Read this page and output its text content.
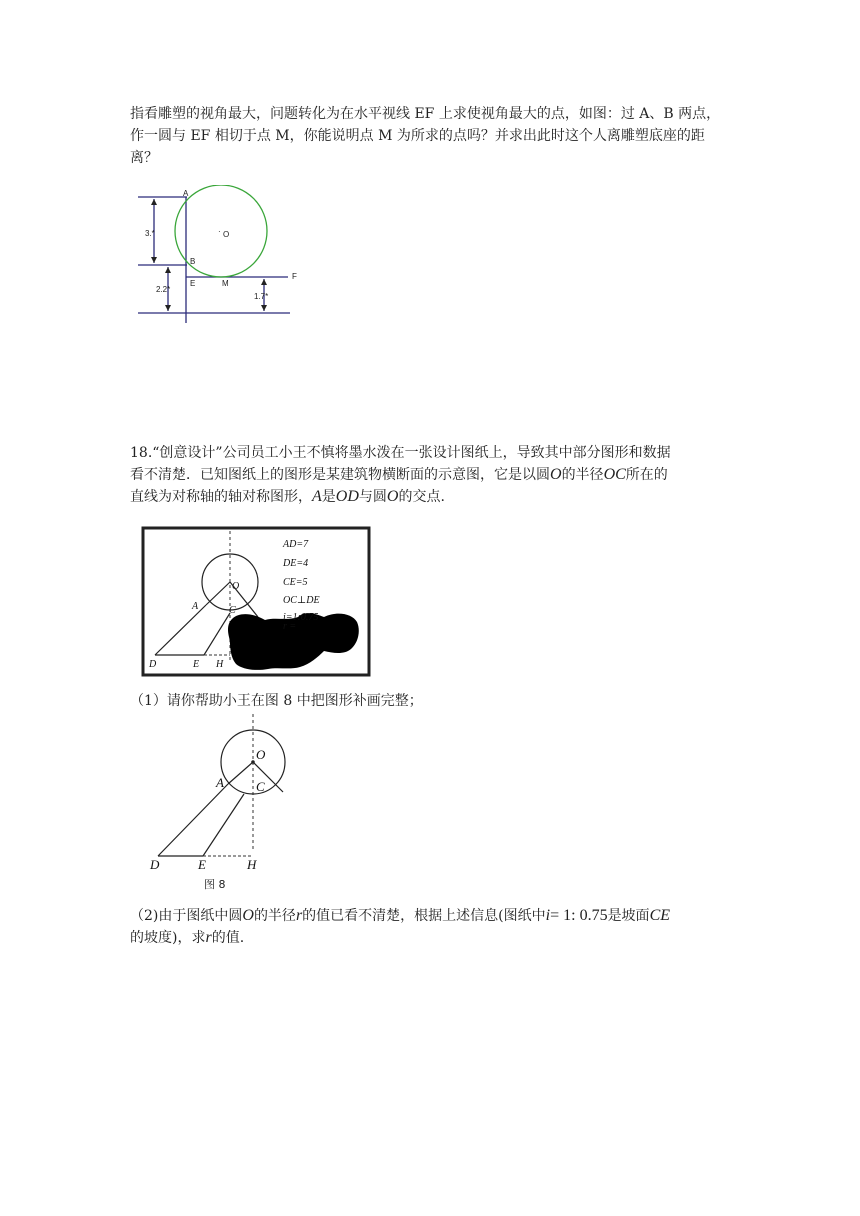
指看雕塑的视角最大，问题转化为在水平视线 EF 上求使视角最大的点，如图：过 A、B 两点，
作一圆与 EF 相切于点 M，你能说明点 M 为所求的点吗？并求出此时这个人离雕塑底座的距
离？
A
B
E	M
F
· O
3.*
2.2*
1.7*
18.“创意设计”公司员工小王不慎将墨水泼在一张设计图纸上，导致其中部分图形和数据
看不清楚．已知图纸上的图形是某建筑物横断面的示意图，它是以圆O的半径OC所在的
直线为对称轴的轴对称图形，A是OD与圆O的交点.
O
A	C
D	E H
AD=7
DE=4
CE=5
OC⊥DE
i=1:0.75
r =
（1）请你帮助小王在图 8 中把图形补画完整；
O
A C
D	E	H
图 8
（2)由于图纸中圆O的半径r的值已看不清楚，根据上述信息(图纸中i= 1: 0.75是坡面CE
的坡度)，求r的值.
